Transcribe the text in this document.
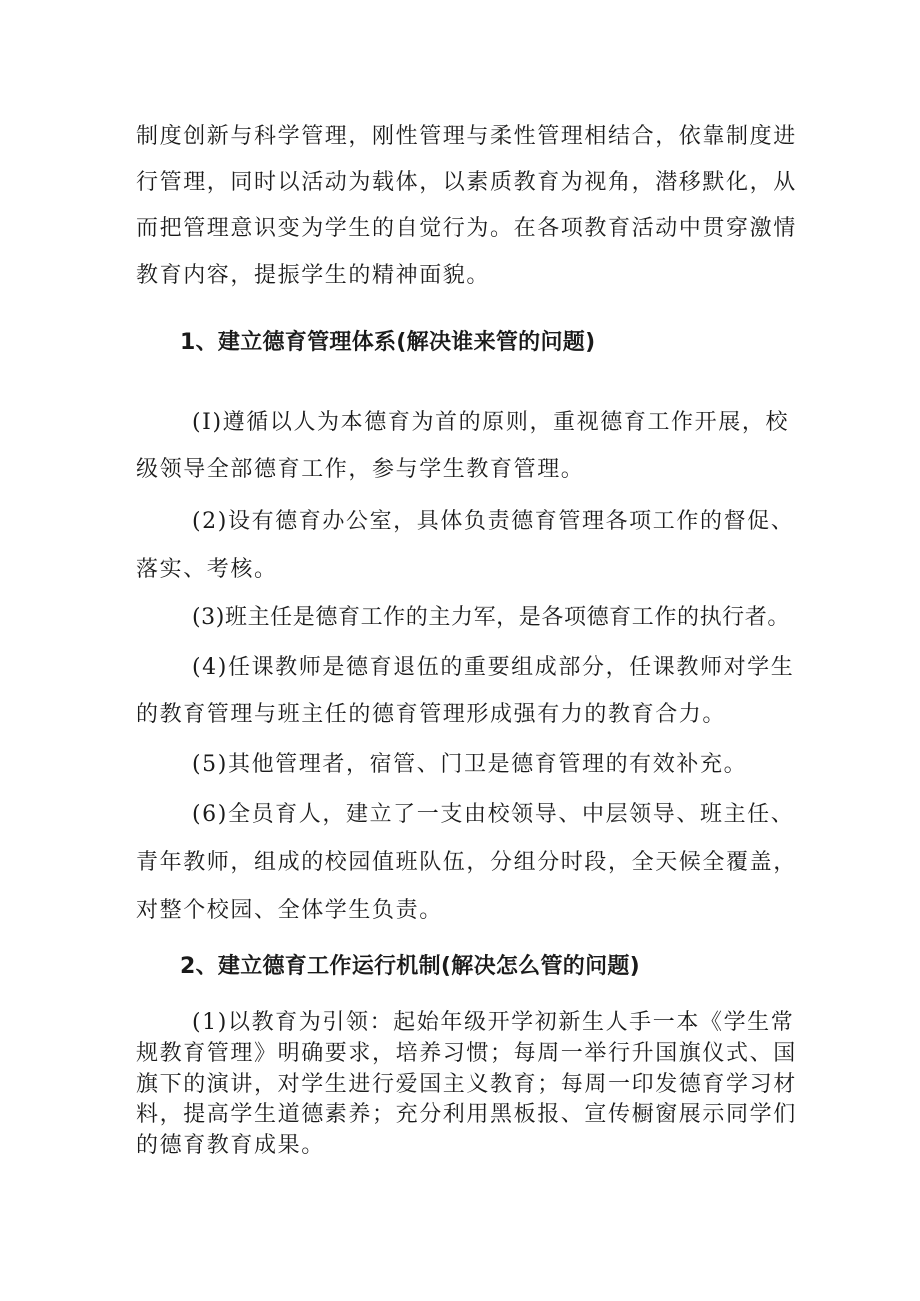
制度创新与科学管理，刚性管理与柔性管理相结合，依靠制度进

行管理，同时以活动为载体，以素质教育为视角，潜移默化，从

而把管理意识变为学生的自觉行为。在各项教育活动中贯穿激情

教育内容，提振学生的精神面貌。

1、建立德育管理体系(解决谁来管的问题)

(I)遵循以人为本德育为首的原则，重视德育工作开展，校

级领导全部德育工作，参与学生教育管理。

(2)设有德育办公室，具体负责德育管理各项工作的督促、

落实、考核。

(3)班主任是德育工作的主力军，是各项德育工作的执行者。

(4)任课教师是德育退伍的重要组成部分，任课教师对学生

的教育管理与班主任的德育管理形成强有力的教育合力。

(5)其他管理者，宿管、门卫是德育管理的有效补充。

(6)全员育人，建立了一支由校领导、中层领导、班主任、

青年教师，组成的校园值班队伍，分组分时段，全天候全覆盖，

对整个校园、全体学生负责。

2、建立德育工作运行机制(解决怎么管的问题)

(1)以教育为引领：起始年级开学初新生人手一本《学生常

规教育管理》明确要求，培养习惯；每周一举行升国旗仪式、国

旗下的演讲，对学生进行爱国主义教育；每周一印发德育学习材

料，提高学生道德素养；充分利用黑板报、宣传橱窗展示同学们

的德育教育成果。
